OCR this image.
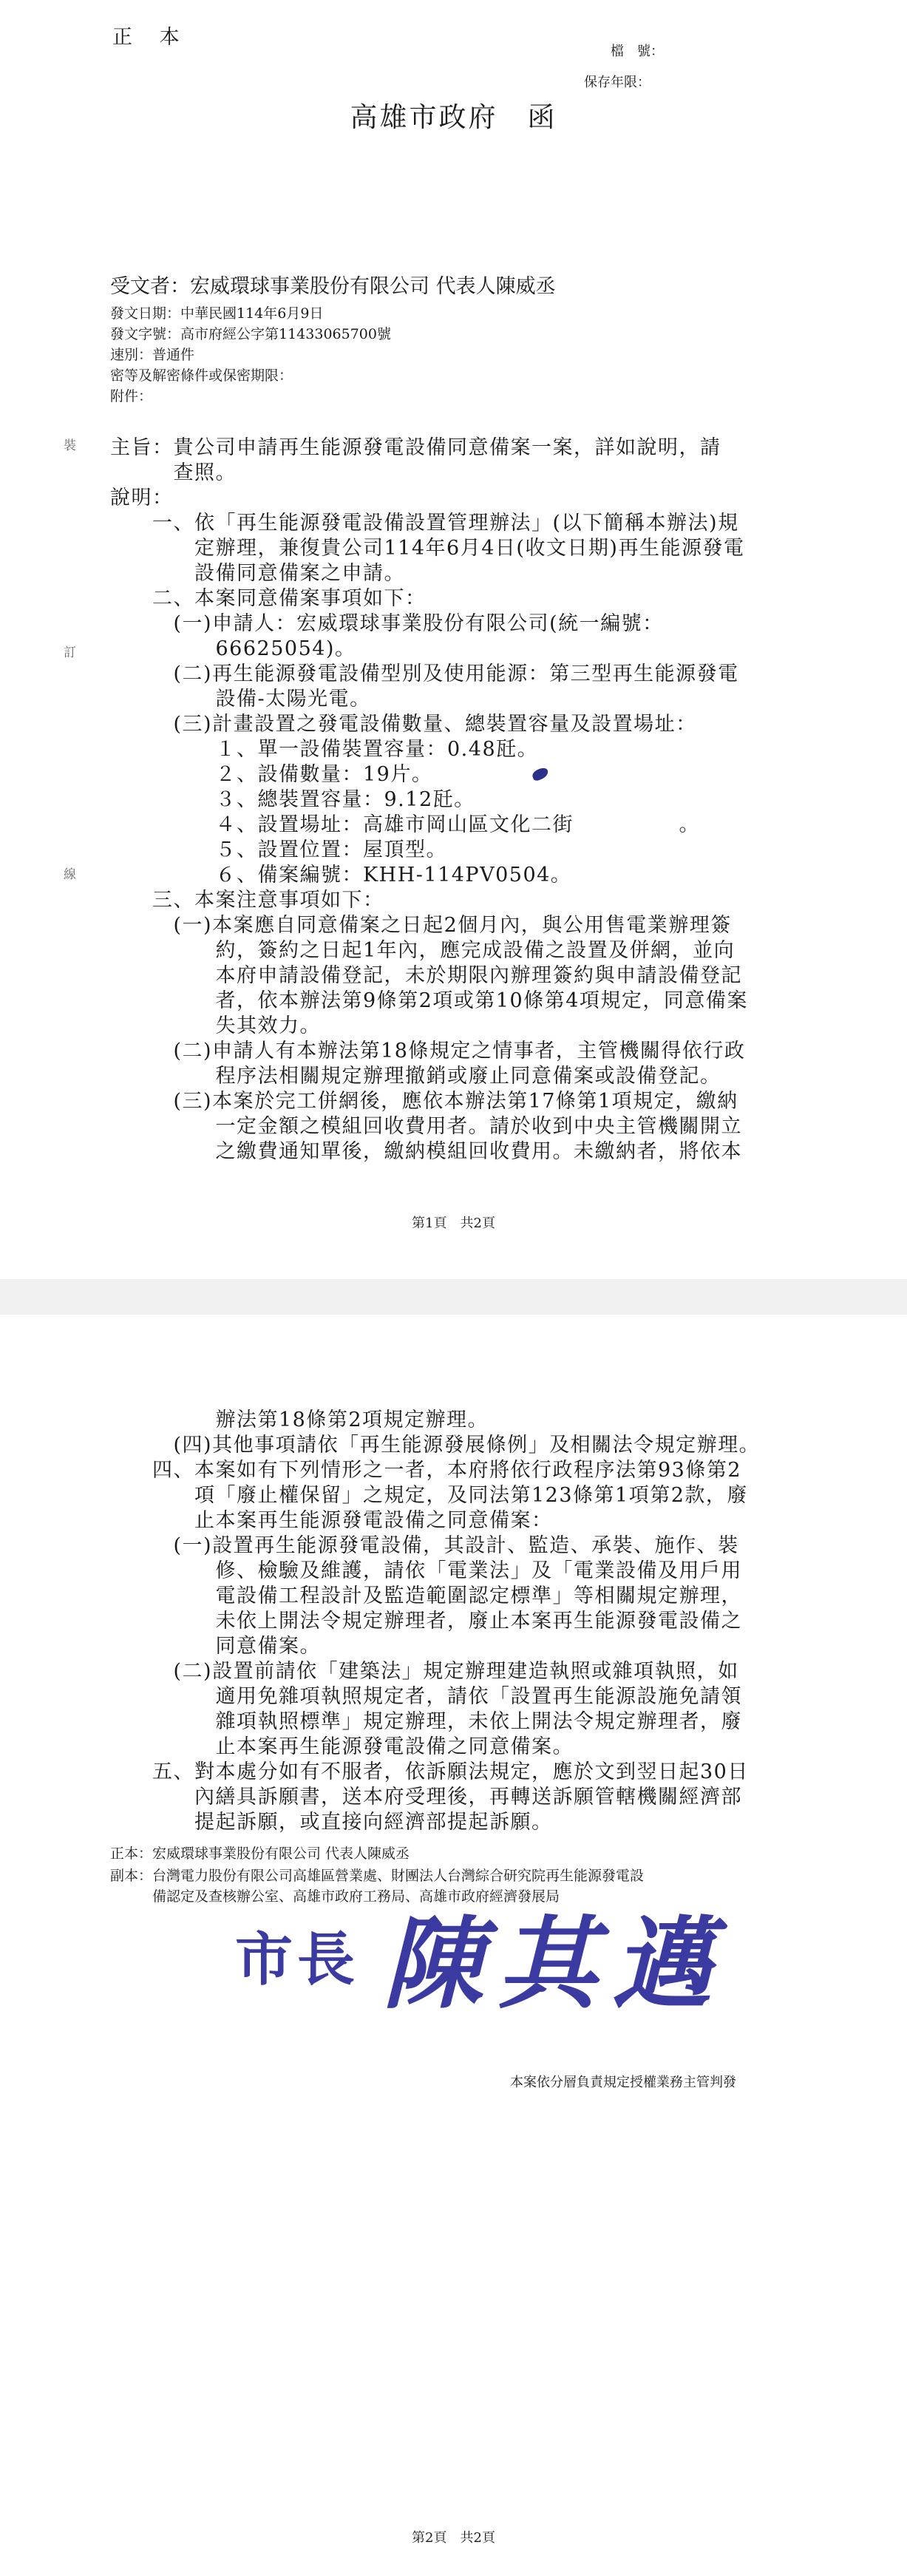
正 本
檔　號：
保存年限：
高雄市政府　函
受文者：宏威環球事業股份有限公司 代表人陳威丞
發文日期：中華民國114年6月9日
發文字號：高市府經公字第11433065700號
速別：普通件
密等及解密條件或保密期限：
附件：
裝
訂
線
主旨：貴公司申請再生能源發電設備同意備案一案，詳如說明，請
　　　查照。
說明：
　　一、依「再生能源發電設備設置管理辦法」(以下簡稱本辦法)規
　　　　定辦理，兼復貴公司114年6月4日(收文日期)再生能源發電
　　　　設備同意備案之申請。
　　二、本案同意備案事項如下：
　　　(一)申請人：宏威環球事業股份有限公司(統一編號：
　　　　　66625054)。
　　　(二)再生能源發電設備型別及使用能源：第三型再生能源發電
　　　　　設備-太陽光電。
　　　(三)計畫設置之發電設備數量、總裝置容量及設置場址：
　　　　　１、單一設備裝置容量：0.48瓩。
　　　　　２、設備數量：19片。
　　　　　３、總裝置容量：9.12瓩。
　　　　　４、設置場址：高雄市岡山區文化二街　　　　　。
　　　　　５、設置位置：屋頂型。
　　　　　６、備案編號：KHH-114PV0504。
　　三、本案注意事項如下：
　　　(一)本案應自同意備案之日起2個月內，與公用售電業辦理簽
　　　　　約，簽約之日起1年內，應完成設備之設置及併網，並向
　　　　　本府申請設備登記，未於期限內辦理簽約與申請設備登記
　　　　　者，依本辦法第9條第2項或第10條第4項規定，同意備案
　　　　　失其效力。
　　　(二)申請人有本辦法第18條規定之情事者，主管機關得依行政
　　　　　程序法相關規定辦理撤銷或廢止同意備案或設備登記。
　　　(三)本案於完工併網後，應依本辦法第17條第1項規定，繳納
　　　　　一定金額之模組回收費用者。請於收到中央主管機關開立
　　　　　之繳費通知單後，繳納模組回收費用。未繳納者，將依本
第1頁　共2頁
　　　　　辦法第18條第2項規定辦理。
　　　(四)其他事項請依「再生能源發展條例」及相關法令規定辦理。
　　四、本案如有下列情形之一者，本府將依行政程序法第93條第2
　　　　項「廢止權保留」之規定，及同法第123條第1項第2款，廢
　　　　止本案再生能源發電設備之同意備案：
　　　(一)設置再生能源發電設備，其設計、監造、承裝、施作、裝
　　　　　修、檢驗及維護，請依「電業法」及「電業設備及用戶用
　　　　　電設備工程設計及監造範圍認定標準」等相關規定辦理，
　　　　　未依上開法令規定辦理者，廢止本案再生能源發電設備之
　　　　　同意備案。
　　　(二)設置前請依「建築法」規定辦理建造執照或雜項執照，如
　　　　　適用免雜項執照規定者，請依「設置再生能源設施免請領
　　　　　雜項執照標準」規定辦理，未依上開法令規定辦理者，廢
　　　　　止本案再生能源發電設備之同意備案。
　　五、對本處分如有不服者，依訴願法規定，應於文到翌日起30日
　　　　內繕具訴願書，送本府受理後，再轉送訴願管轄機關經濟部
　　　　提起訴願，或直接向經濟部提起訴願。
正本：宏威環球事業股份有限公司 代表人陳威丞
副本：台灣電力股份有限公司高雄區營業處、財團法人台灣綜合研究院再生能源發電設
　　　備認定及查核辦公室、高雄市政府工務局、高雄市政府經濟發展局

市長

陳其邁

本案依分層負責規定授權業務主管判發
第2頁　共2頁
